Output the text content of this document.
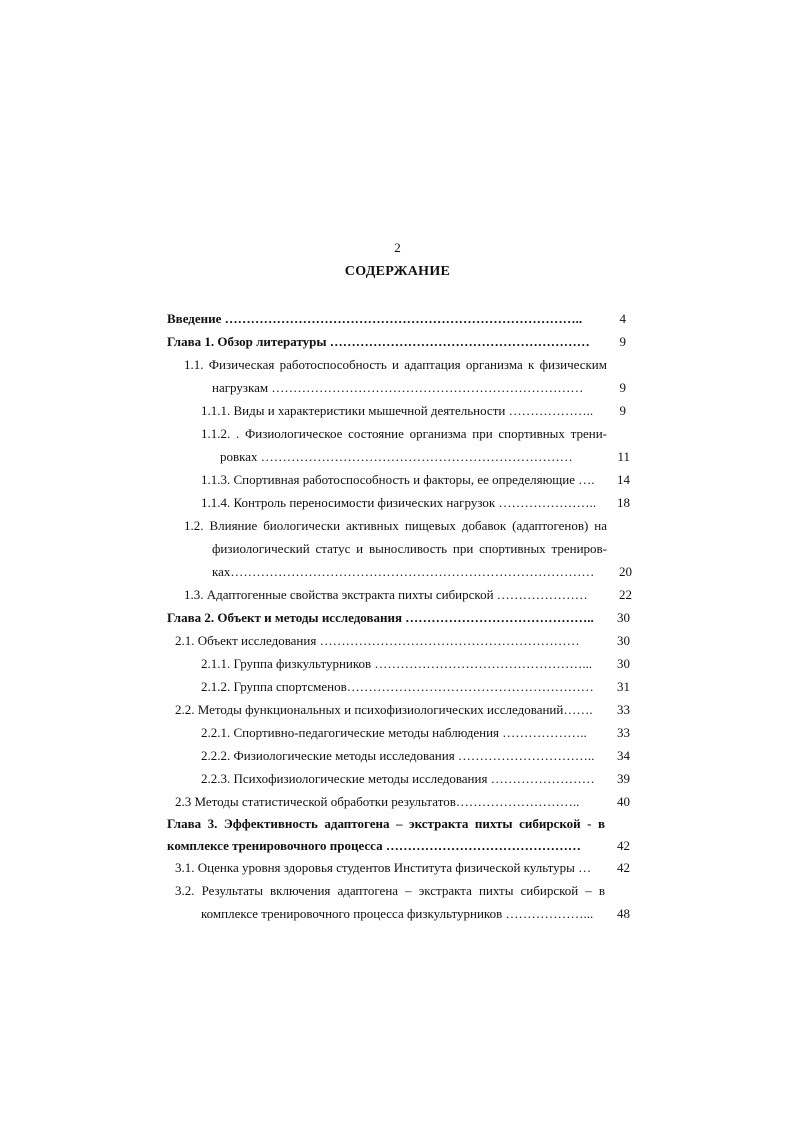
2
СОДЕРЖАНИЕ
Введение ………………………………………………………………………..	4
Глава 1. Обзор литературы ……………………………………………………	9
1.1. Физическая работоспособность и адаптация организма к физическим
нагрузкам ………………………………………………………………	9
1.1.1. Виды и характеристики мышечной деятельности ………………..	9
1.1.2. . Физиологическое состояние организма при спортивных трени-
ровках ………………………………………………………………	11
1.1.3. Спортивная работоспособность и факторы, ее определяющие ….	14
1.1.4. Контроль переносимости физических нагрузок …………………..	18
1.2. Влияние биологически активных пищевых добавок (адаптогенов) на
физиологический статус и выносливость при спортивных трениров-
ках…………………………………………………………………………	20
1.3. Адаптогенные свойства экстракта пихты сибирской …………………	22
Глава 2. Объект и методы исследования ……………………………………..	30
2.1. Объект исследования ……………………………………………………	30
2.1.1. Группа физкультурников …………………………………………...	30
2.1.2. Группа спортсменов…………………………………………………	31
2.2. Методы функциональных и психофизиологических исследований…….	33
2.2.1. Спортивно-педагогические методы наблюдения ………………..	33
2.2.2. Физиологические методы исследования …………………………..	34
2.2.3. Психофизиологические методы исследования ……………………	39
2.3 Методы статистической обработки результатов………………………..	40
Глава 3. Эффективность адаптогена – экстракта пихты сибирской - в
комплексе тренировочного процесса ………………………………………	42
3.1. Оценка уровня здоровья студентов Института физической культуры …	42
3.2. Результаты включения адаптогена – экстракта пихты сибирской – в
комплексе тренировочного процесса физкультурников ………………...	48
